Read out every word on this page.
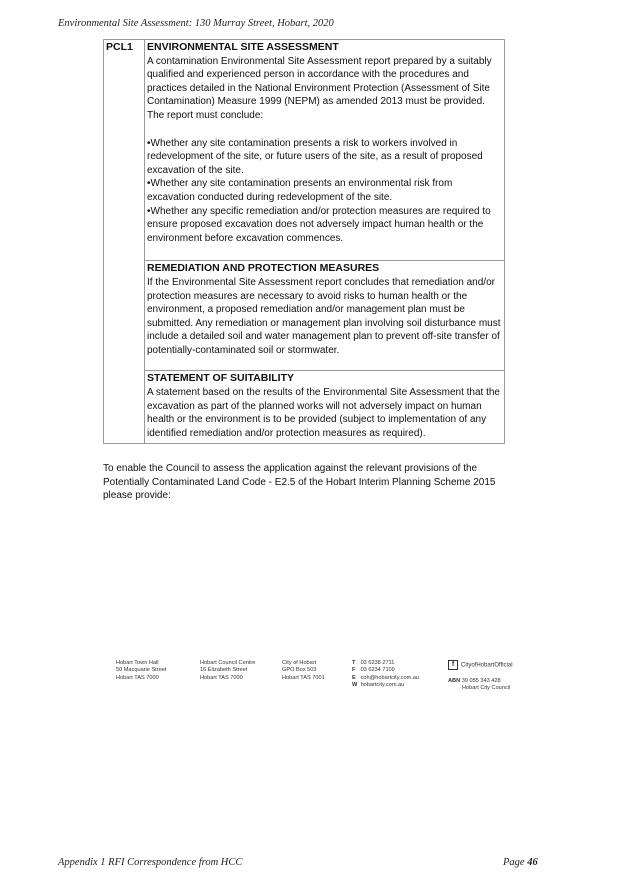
Environmental Site Assessment: 130 Murray Street, Hobart, 2020
PCL1	ENVIRONMENTAL SITE ASSESSMENT

A contamination Environmental Site Assessment report prepared by a suitably qualified and experienced person in accordance with the procedures and practices detailed in the National Environment Protection (Assessment of Site Contamination) Measure 1999 (NEPM) as amended 2013 must be provided. The report must conclude:

• Whether any site contamination presents a risk to workers involved in redevelopment of the site, or future users of the site, as a result of proposed excavation of the site.

• Whether any site contamination presents an environmental risk from excavation conducted during redevelopment of the site.

• Whether any specific remediation and/or protection measures are required to ensure proposed excavation does not adversely impact human health or the environment before excavation commences.

REMEDIATION AND PROTECTION MEASURES

If the Environmental Site Assessment report concludes that remediation and/or protection measures are necessary to avoid risks to human health or the environment, a proposed remediation and/or management plan must be submitted. Any remediation or management plan involving soil disturbance must include a detailed soil and water management plan to prevent off-site transfer of potentially-contaminated soil or stormwater.

STATEMENT OF SUITABILITY

A statement based on the results of the Environmental Site Assessment that the excavation as part of the planned works will not adversely impact on human health or the environment is to be provided (subject to implementation of any identified remediation and/or protection measures as required).

To enable the Council to assess the application against the relevant provisions of the Potentially Contaminated Land Code - E2.5 of the Hobart Interim Planning Scheme 2015 please provide:

Hobart Town Hall
50 Macquarie Street
Hobart TAS 7000
Hobart Council Centre
16 Elizabeth Street
Hobart TAS 7000
City of Hobart
GPO Box 503
Hobart TAS 7001
T 03 6238 2711
F 03 6234 7109
E coh@hobartcity.com.au
W hobartcity.com.au
f CityofHobartOfficial
ABN 39 055 343 428
Hobart City Council
Appendix 1 RFI Correspondence from HCC	Page 46
